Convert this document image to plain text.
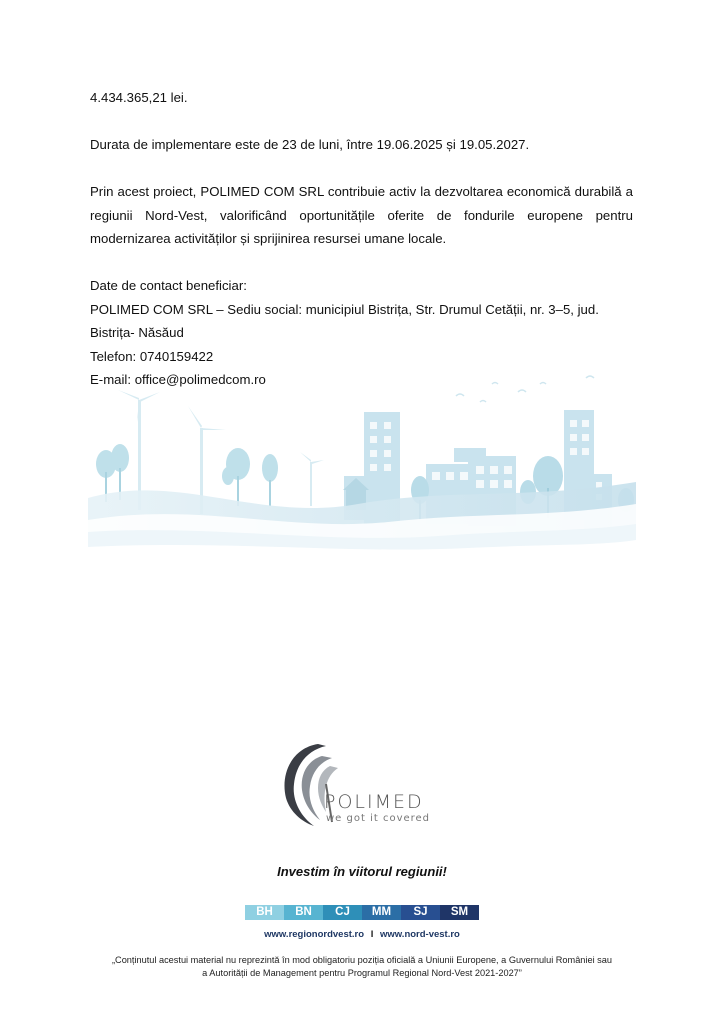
4.434.365,21 lei.
Durata de implementare este de 23 de luni, între 19.06.2025 și 19.05.2027.
Prin acest proiect, POLIMED COM SRL contribuie activ la dezvoltarea economică durabilă a regiunii Nord-Vest, valorificând oportunitățile oferite de fondurile europene pentru modernizarea activităților și sprijinirea resursei umane locale.
Date de contact beneficiar:
POLIMED COM SRL – Sediu social: municipiul Bistrița, Str. Drumul Cetății, nr. 3–5, jud.
Bistrița- Năsăud
Telefon: 0740159422
E-mail: office@polimedcom.ro
POLIMED
we got it covered
Investim în viitorul regiunii!
BH	BN	CJ	MM	SJ	SM
www.regionordvest.ro I www.nord-vest.ro
„Conținutul acestui material nu reprezintă în mod obligatoriu poziția oficială a Uniunii Europene, a Guvernului României sau a Autorității de Management pentru Programul Regional Nord-Vest 2021-2027”
